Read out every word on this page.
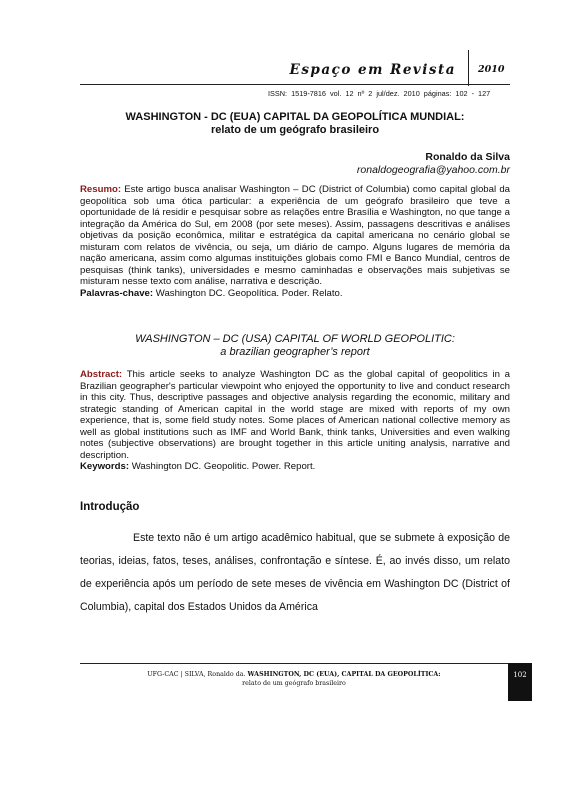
Espaço em Revista 2010
ISSN: 1519-7816 vol. 12 nº 2 jul/dez. 2010 páginas: 102 - 127
WASHINGTON - DC (EUA) CAPITAL DA GEOPOLÍTICA MUNDIAL:
relato de um geógrafo brasileiro
Ronaldo da Silva
ronaldogeografia@yahoo.com.br
Resumo: Este artigo busca analisar Washington – DC (District of Columbia) como capital global da geopolítica sob uma ótica particular: a experiência de um geógrafo brasileiro que teve a oportunidade de lá residir e pesquisar sobre as relações entre Brasília e Washington, no que tange a integração da América do Sul, em 2008 (por sete meses). Assim, passagens descritivas e análises objetivas da posição econômica, militar e estratégica da capital americana no cenário global se misturam com relatos de vivência, ou seja, um diário de campo. Alguns lugares de memória da nação americana, assim como algumas instituições globais como FMI e Banco Mundial, centros de pesquisas (think tanks), universidades e mesmo caminhadas e observações mais subjetivas se misturam nesse texto com análise, narrativa e descrição.
Palavras-chave: Washington DC. Geopolítica. Poder. Relato.
WASHINGTON – DC (USA) CAPITAL OF WORLD GEOPOLITIC:
a brazilian geographer’s report
Abstract: This article seeks to analyze Washington DC as the global capital of geopolitics in a Brazilian geographer's particular viewpoint who enjoyed the opportunity to live and conduct research in this city. Thus, descriptive passages and objective analysis regarding the economic, military and strategic standing of American capital in the world stage are mixed with reports of my own experience, that is, some field study notes. Some places of American national collective memory as well as global institutions such as IMF and World Bank, think tanks, Universities and even walking notes (subjective observations) are brought together in this article uniting analysis, narrative and description.
Keywords: Washington DC. Geopolitic. Power. Report.
Introdução

Este texto não é um artigo acadêmico habitual, que se submete à exposição de teorias, ideias, fatos, teses, análises, confrontação e síntese. É, ao invés disso, um relato de experiência após um período de sete meses de vivência em Washington DC (District of Columbia), capital dos Estados Unidos da América

UFG-CAC | SILVA, Ronaldo da. WASHINGTON, DC (EUA), CAPITAL DA GEOPOLÍTICA:
relato de um geógrafo brasileiro
102
